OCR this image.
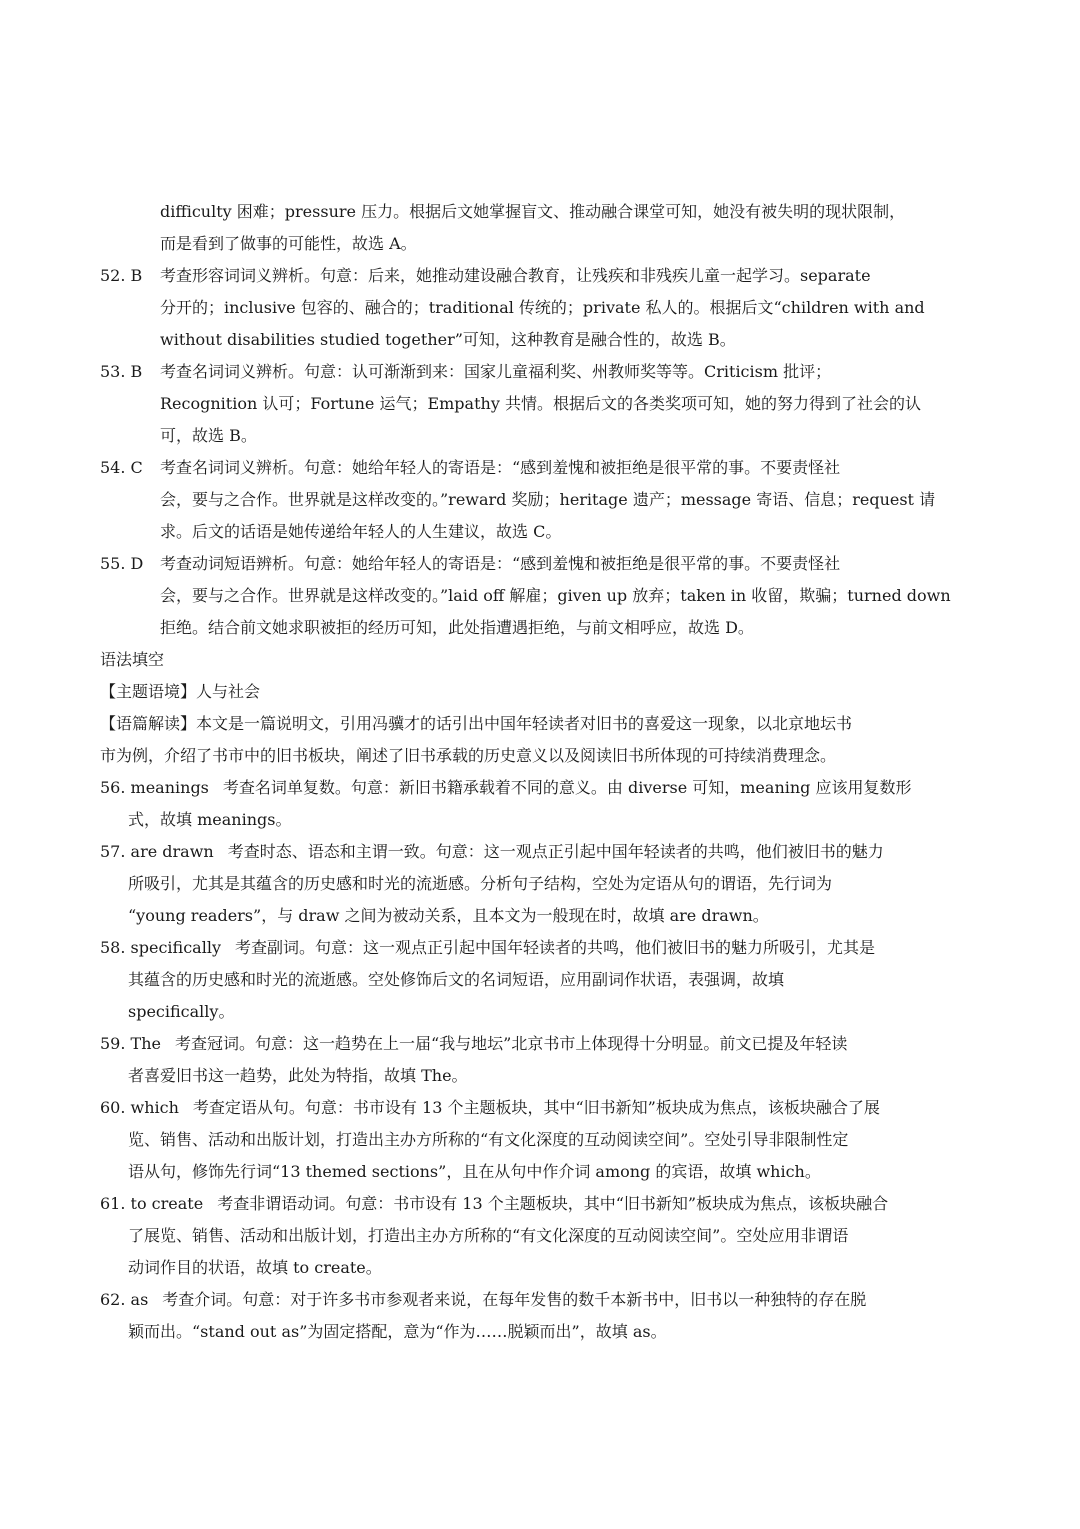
difficulty 困难；pressure 压力。根据后文她掌握盲文、推动融合课堂可知，她没有被失明的现状限制，
而是看到了做事的可能性，故选 A。
52. B 考查形容词词义辨析。句意：后来，她推动建设融合教育，让残疾和非残疾儿童一起学习。separate
分开的；inclusive 包容的、融合的；traditional 传统的；private 私人的。根据后文“children with and
without disabilities studied together”可知，这种教育是融合性的，故选 B。
53. B 考查名词词义辨析。句意：认可渐渐到来：国家儿童福利奖、州教师奖等等。Criticism 批评；
Recognition 认可；Fortune 运气；Empathy 共情。根据后文的各类奖项可知，她的努力得到了社会的认
可，故选 B。
54. C 考查名词词义辨析。句意：她给年轻人的寄语是：“感到羞愧和被拒绝是很平常的事。不要责怪社
会，要与之合作。世界就是这样改变的。”reward 奖励；heritage 遗产；message 寄语、信息；request 请
求。后文的话语是她传递给年轻人的人生建议，故选 C。
55. D 考查动词短语辨析。句意：她给年轻人的寄语是：“感到羞愧和被拒绝是很平常的事。不要责怪社
会，要与之合作。世界就是这样改变的。”laid off 解雇；given up 放弃；taken in 收留，欺骗；turned down
拒绝。结合前文她求职被拒的经历可知，此处指遭遇拒绝，与前文相呼应，故选 D。
语法填空
【主题语境】人与社会
【语篇解读】本文是一篇说明文，引用冯骥才的话引出中国年轻读者对旧书的喜爱这一现象，以北京地坛书
市为例，介绍了书市中的旧书板块，阐述了旧书承载的历史意义以及阅读旧书所体现的可持续消费理念。
56. meanings 考查名词单复数。句意：新旧书籍承载着不同的意义。由 diverse 可知，meaning 应该用复数形
式，故填 meanings。
57. are drawn 考查时态、语态和主谓一致。句意：这一观点正引起中国年轻读者的共鸣，他们被旧书的魅力
所吸引，尤其是其蕴含的历史感和时光的流逝感。分析句子结构，空处为定语从句的谓语，先行词为
“young readers”，与 draw 之间为被动关系，且本文为一般现在时，故填 are drawn。
58. specifically 考查副词。句意：这一观点正引起中国年轻读者的共鸣，他们被旧书的魅力所吸引，尤其是
其蕴含的历史感和时光的流逝感。空处修饰后文的名词短语，应用副词作状语，表强调，故填
specifically。
59. The 考查冠词。句意：这一趋势在上一届“我与地坛”北京书市上体现得十分明显。前文已提及年轻读
者喜爱旧书这一趋势，此处为特指，故填 The。
60. which 考查定语从句。句意：书市设有 13 个主题板块，其中“旧书新知”板块成为焦点，该板块融合了展
览、销售、活动和出版计划，打造出主办方所称的“有文化深度的互动阅读空间”。空处引导非限制性定
语从句，修饰先行词“13 themed sections”，且在从句中作介词 among 的宾语，故填 which。
61. to create 考查非谓语动词。句意：书市设有 13 个主题板块，其中“旧书新知”板块成为焦点，该板块融合
了展览、销售、活动和出版计划，打造出主办方所称的“有文化深度的互动阅读空间”。空处应用非谓语
动词作目的状语，故填 to create。
62. as 考查介词。句意：对于许多书市参观者来说，在每年发售的数千本新书中，旧书以一种独特的存在脱
颖而出。“stand out as”为固定搭配，意为“作为……脱颖而出”，故填 as。
